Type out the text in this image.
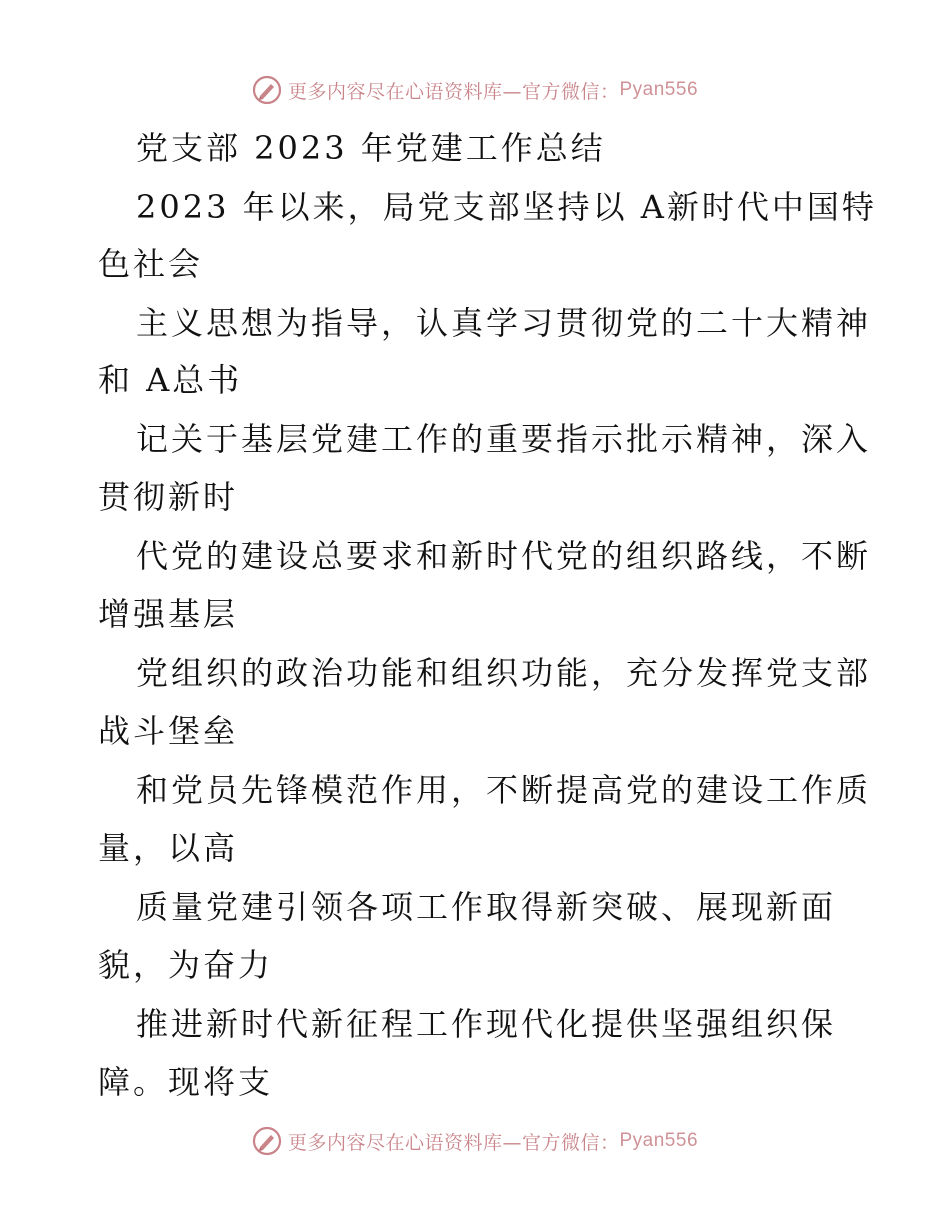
更多内容尽在心语资料库—官方微信： Pyan556
党支部 2023 年党建工作总结
2023 年以来，局党支部坚持以 A新时代中国特
色社会
主义思想为指导，认真学习贯彻党的二十大精神
和 A总书
记关于基层党建工作的重要指示批示精神，深入
贯彻新时
代党的建设总要求和新时代党的组织路线，不断
增强基层
党组织的政治功能和组织功能，充分发挥党支部
战斗堡垒
和党员先锋模范作用，不断提高党的建设工作质
量，以高
质量党建引领各项工作取得新突破、展现新面
貌，为奋力
推进新时代新征程工作现代化提供坚强组织保
障。现将支
更多内容尽在心语资料库—官方微信： Pyan556
